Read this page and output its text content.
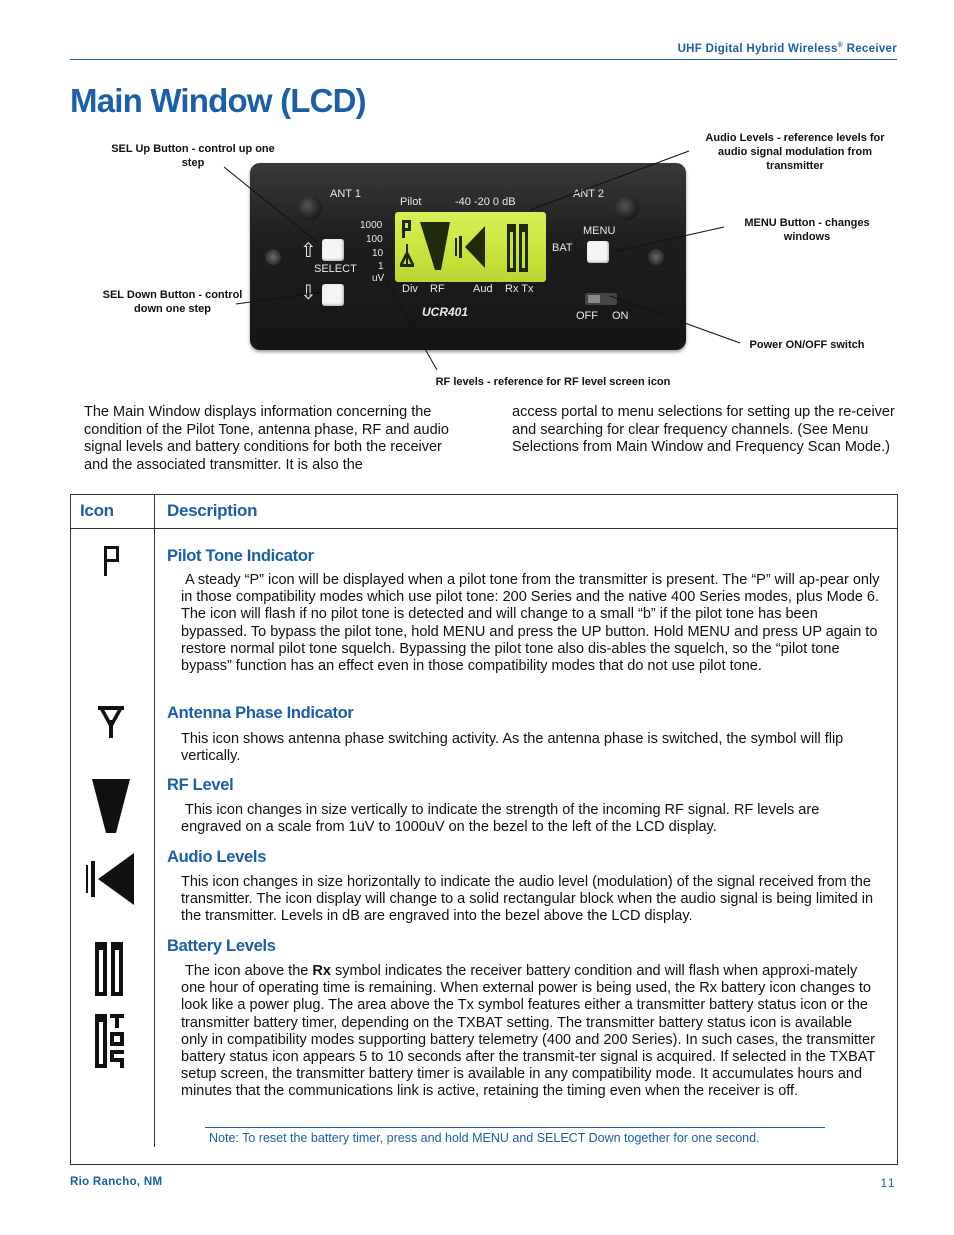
UHF Digital Hybrid Wireless® Receiver
Main Window (LCD)
ANT 1	ANT 2
Pilot	-40 -20 0 dB
1000
100
10
1
uV
⇧
⇩
SELECT
MENU
BAT
Div RF	Aud Rx Tx
UCR401	OFF ON
SEL Up Button - control up one step
SEL Down Button - control down one step
Audio Levels - reference levels for audio signal modulation from transmitter
MENU Button - changes windows
Power ON/OFF switch
RF levels - reference for RF level screen icon

The Main Window displays information concerning the condition of the Pilot Tone, antenna phase, RF and audio signal levels and battery conditions for both the receiver and the associated transmitter. It is also the

access portal to menu selections for setting up the re-ceiver and searching for clear frequency channels. (See Menu Selections from Main Window and Frequency Scan Mode.)

Icon	Description
Pilot Tone Indicator

A steady “P” icon will be displayed when a pilot tone from the transmitter is present. The “P” will ap-pear only in those compatibility modes which use pilot tone: 200 Series and the native 400 Series modes, plus Mode 6. The icon will flash if no pilot tone is detected and will change to a small “b” if the pilot tone has been bypassed. To bypass the pilot tone, hold MENU and press the UP button. Hold MENU and press UP again to restore normal pilot tone squelch. Bypassing the pilot tone also dis-ables the squelch, so the “pilot tone bypass” function has an effect even in those compatibility modes that do not use pilot tone.

Antenna Phase Indicator

This icon shows antenna phase switching activity. As the antenna phase is switched, the symbol will flip vertically.

RF Level

This icon changes in size vertically to indicate the strength of the incoming RF signal. RF levels are engraved on a scale from 1uV to 1000uV on the bezel to the left of the LCD display.

Audio Levels

This icon changes in size horizontally to indicate the audio level (modulation) of the signal received from the transmitter. The icon display will change to a solid rectangular block when the audio signal is being limited in the transmitter. Levels in dB are engraved into the bezel above the LCD display.

Battery Levels

The icon above the Rx symbol indicates the receiver battery condition and will flash when approxi-mately one hour of operating time is remaining. When external power is being used, the Rx battery icon changes to look like a power plug. The area above the Tx symbol features either a transmitter battery status icon or the transmitter battery timer, depending on the TXBAT setting. The transmitter battery status icon is available only in compatibility modes supporting battery telemetry (400 and 200 Series). In such cases, the transmitter battery status icon appears 5 to 10 seconds after the transmit-ter signal is acquired. If selected in the TXBAT setup screen, the transmitter battery timer is available in any compatibility mode. It accumulates hours and minutes that the communications link is active, retaining the timing even when the receiver is off.

Note: To reset the battery timer, press and hold MENU and SELECT Down together for one second.
Rio Rancho, NM	11
